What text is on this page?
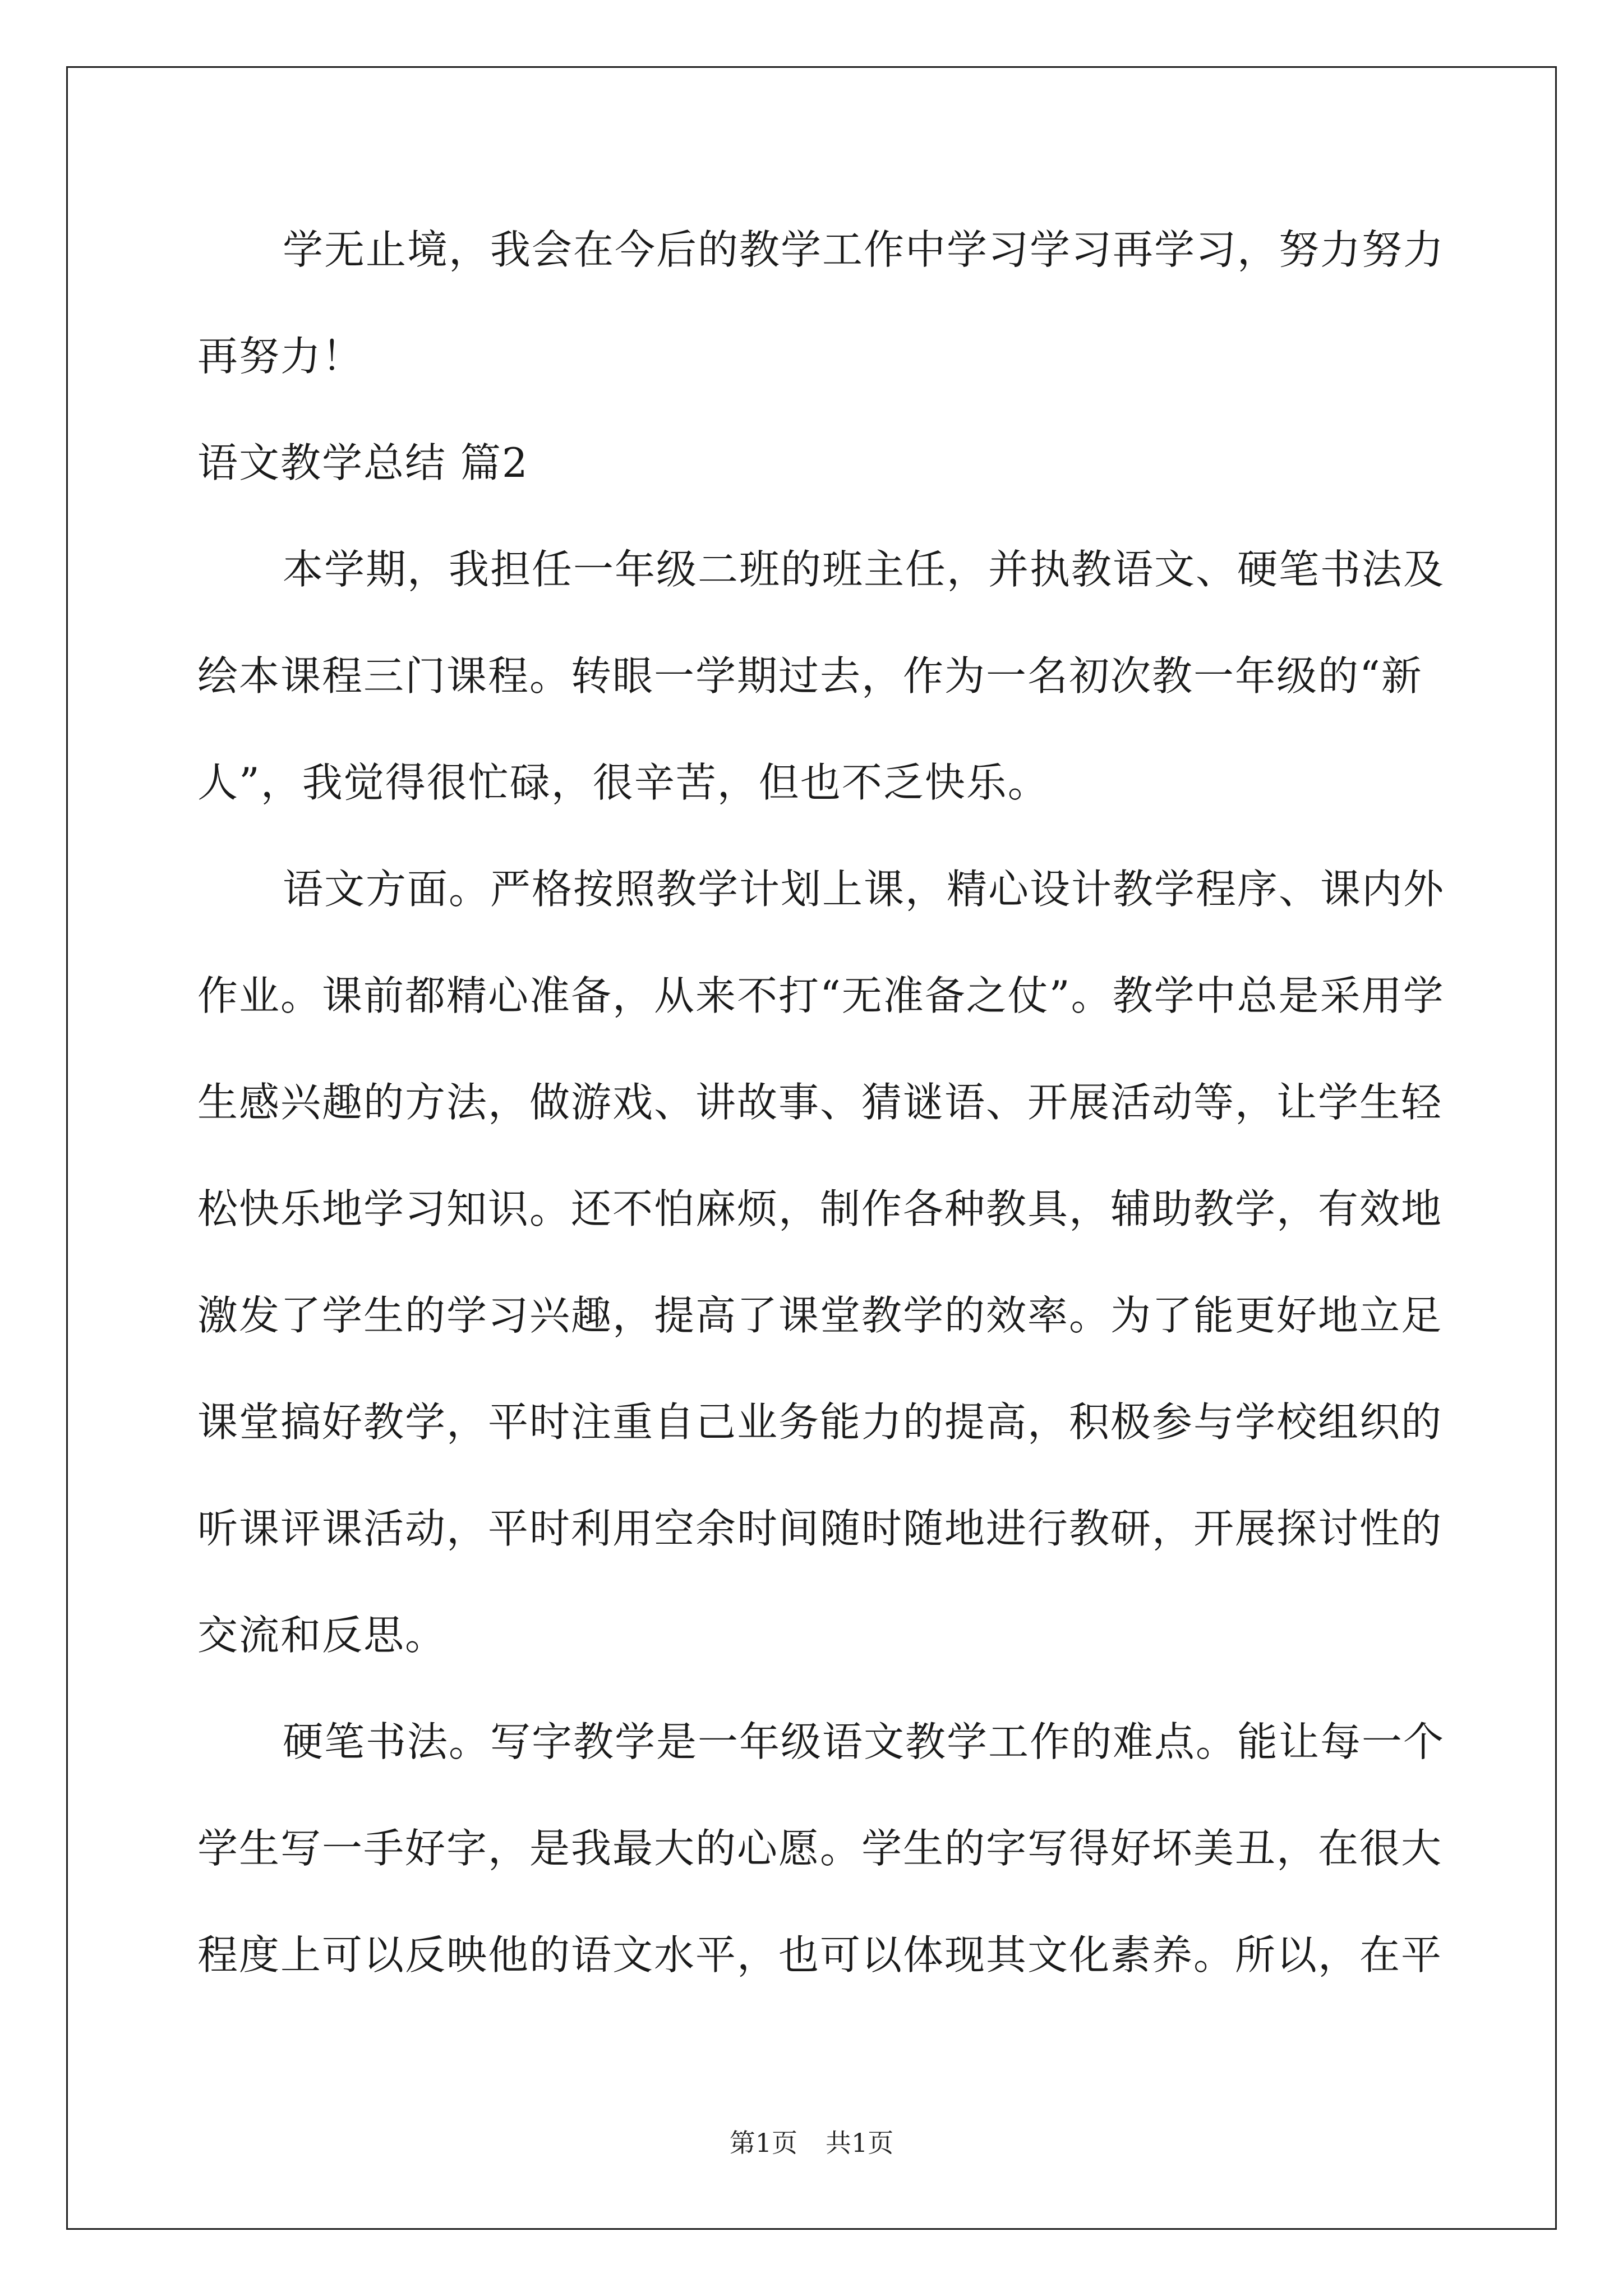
学无止境，我会在今后的教学工作中学习学习再学习，努力努力
再努力！
语文教学总结 篇2
本学期，我担任一年级二班的班主任，并执教语文、硬笔书法及
绘本课程三门课程。转眼一学期过去，作为一名初次教一年级的“新
人”，我觉得很忙碌，很辛苦，但也不乏快乐。
语文方面。严格按照教学计划上课，精心设计教学程序、课内外
作业。课前都精心准备，从来不打“无准备之仗”。教学中总是采用学
生感兴趣的方法，做游戏、讲故事、猜谜语、开展活动等，让学生轻
松快乐地学习知识。还不怕麻烦，制作各种教具，辅助教学，有效地
激发了学生的学习兴趣，提高了课堂教学的效率。为了能更好地立足
课堂搞好教学，平时注重自己业务能力的提高，积极参与学校组织的
听课评课活动，平时利用空余时间随时随地进行教研，开展探讨性的
交流和反思。
硬笔书法。写字教学是一年级语文教学工作的难点。能让每一个
学生写一手好字，是我最大的心愿。学生的字写得好坏美丑，在很大
程度上可以反映他的语文水平，也可以体现其文化素养。所以，在平
第1页 共1页
